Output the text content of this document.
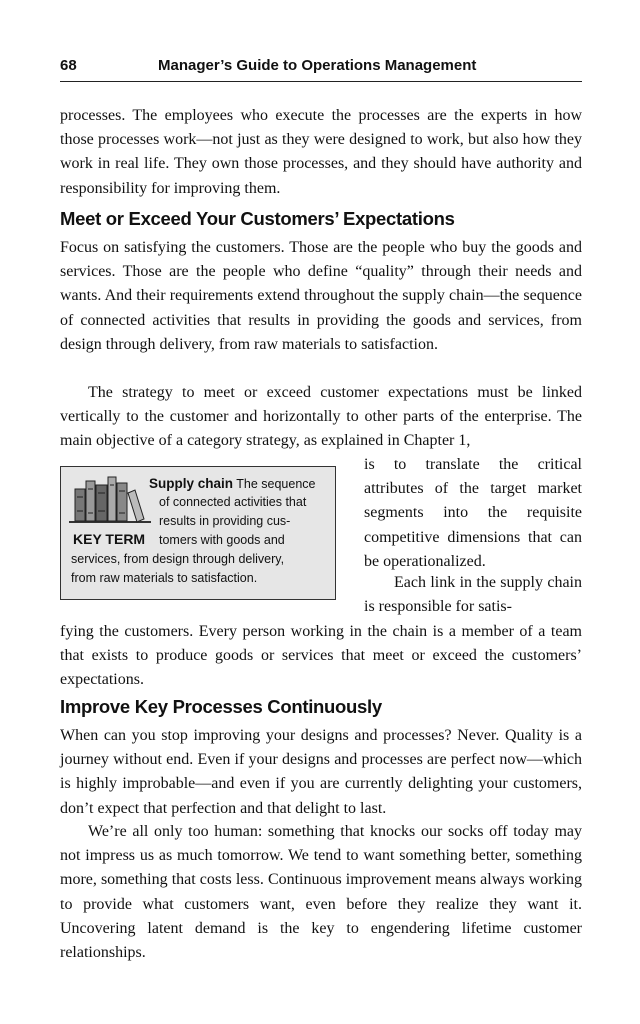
68	Manager’s Guide to Operations Management

processes. The employees who execute the processes are the experts in how those processes work—not just as they were designed to work, but also how they work in real life. They own those processes, and they should have authority and responsibility for improving them.

Meet or Exceed Your Customers’ Expectations

Focus on satisfying the customers. Those are the people who buy the goods and services. Those are the people who define “quality” through their needs and wants. And their requirements extend throughout the supply chain—the sequence of connected activities that results in providing the goods and services, from design through delivery, from raw materials to satisfaction.

The strategy to meet or exceed customer expectations must be linked vertically to the customer and horizontally to other parts of the enterprise. The main objective of a category strategy, as explained in Chapter 1,

is to translate the critical attributes of the target market segments into the requisite competitive dimensions that can be operationalized.

Each link in the supply chain is responsible for satis-

fying the customers. Every person working in the chain is a member of a team that exists to produce goods or services that meet or exceed the customers’ expectations.

KEY TERM
Supply chain The sequence
of connected activities that
results in providing cus-
tomers with goods and
services, from design through delivery,
from raw materials to satisfaction.
Improve Key Processes Continuously

When can you stop improving your designs and processes? Never. Quality is a journey without end. Even if your designs and processes are perfect now—which is highly improbable—and even if you are currently delighting your customers, don’t expect that perfection and that delight to last.

We’re all only too human: something that knocks our socks off today may not impress us as much tomorrow. We tend to want something better, something more, something that costs less. Continuous improvement means always working to provide what customers want, even before they realize they want it. Uncovering latent demand is the key to engendering lifetime customer relationships.
